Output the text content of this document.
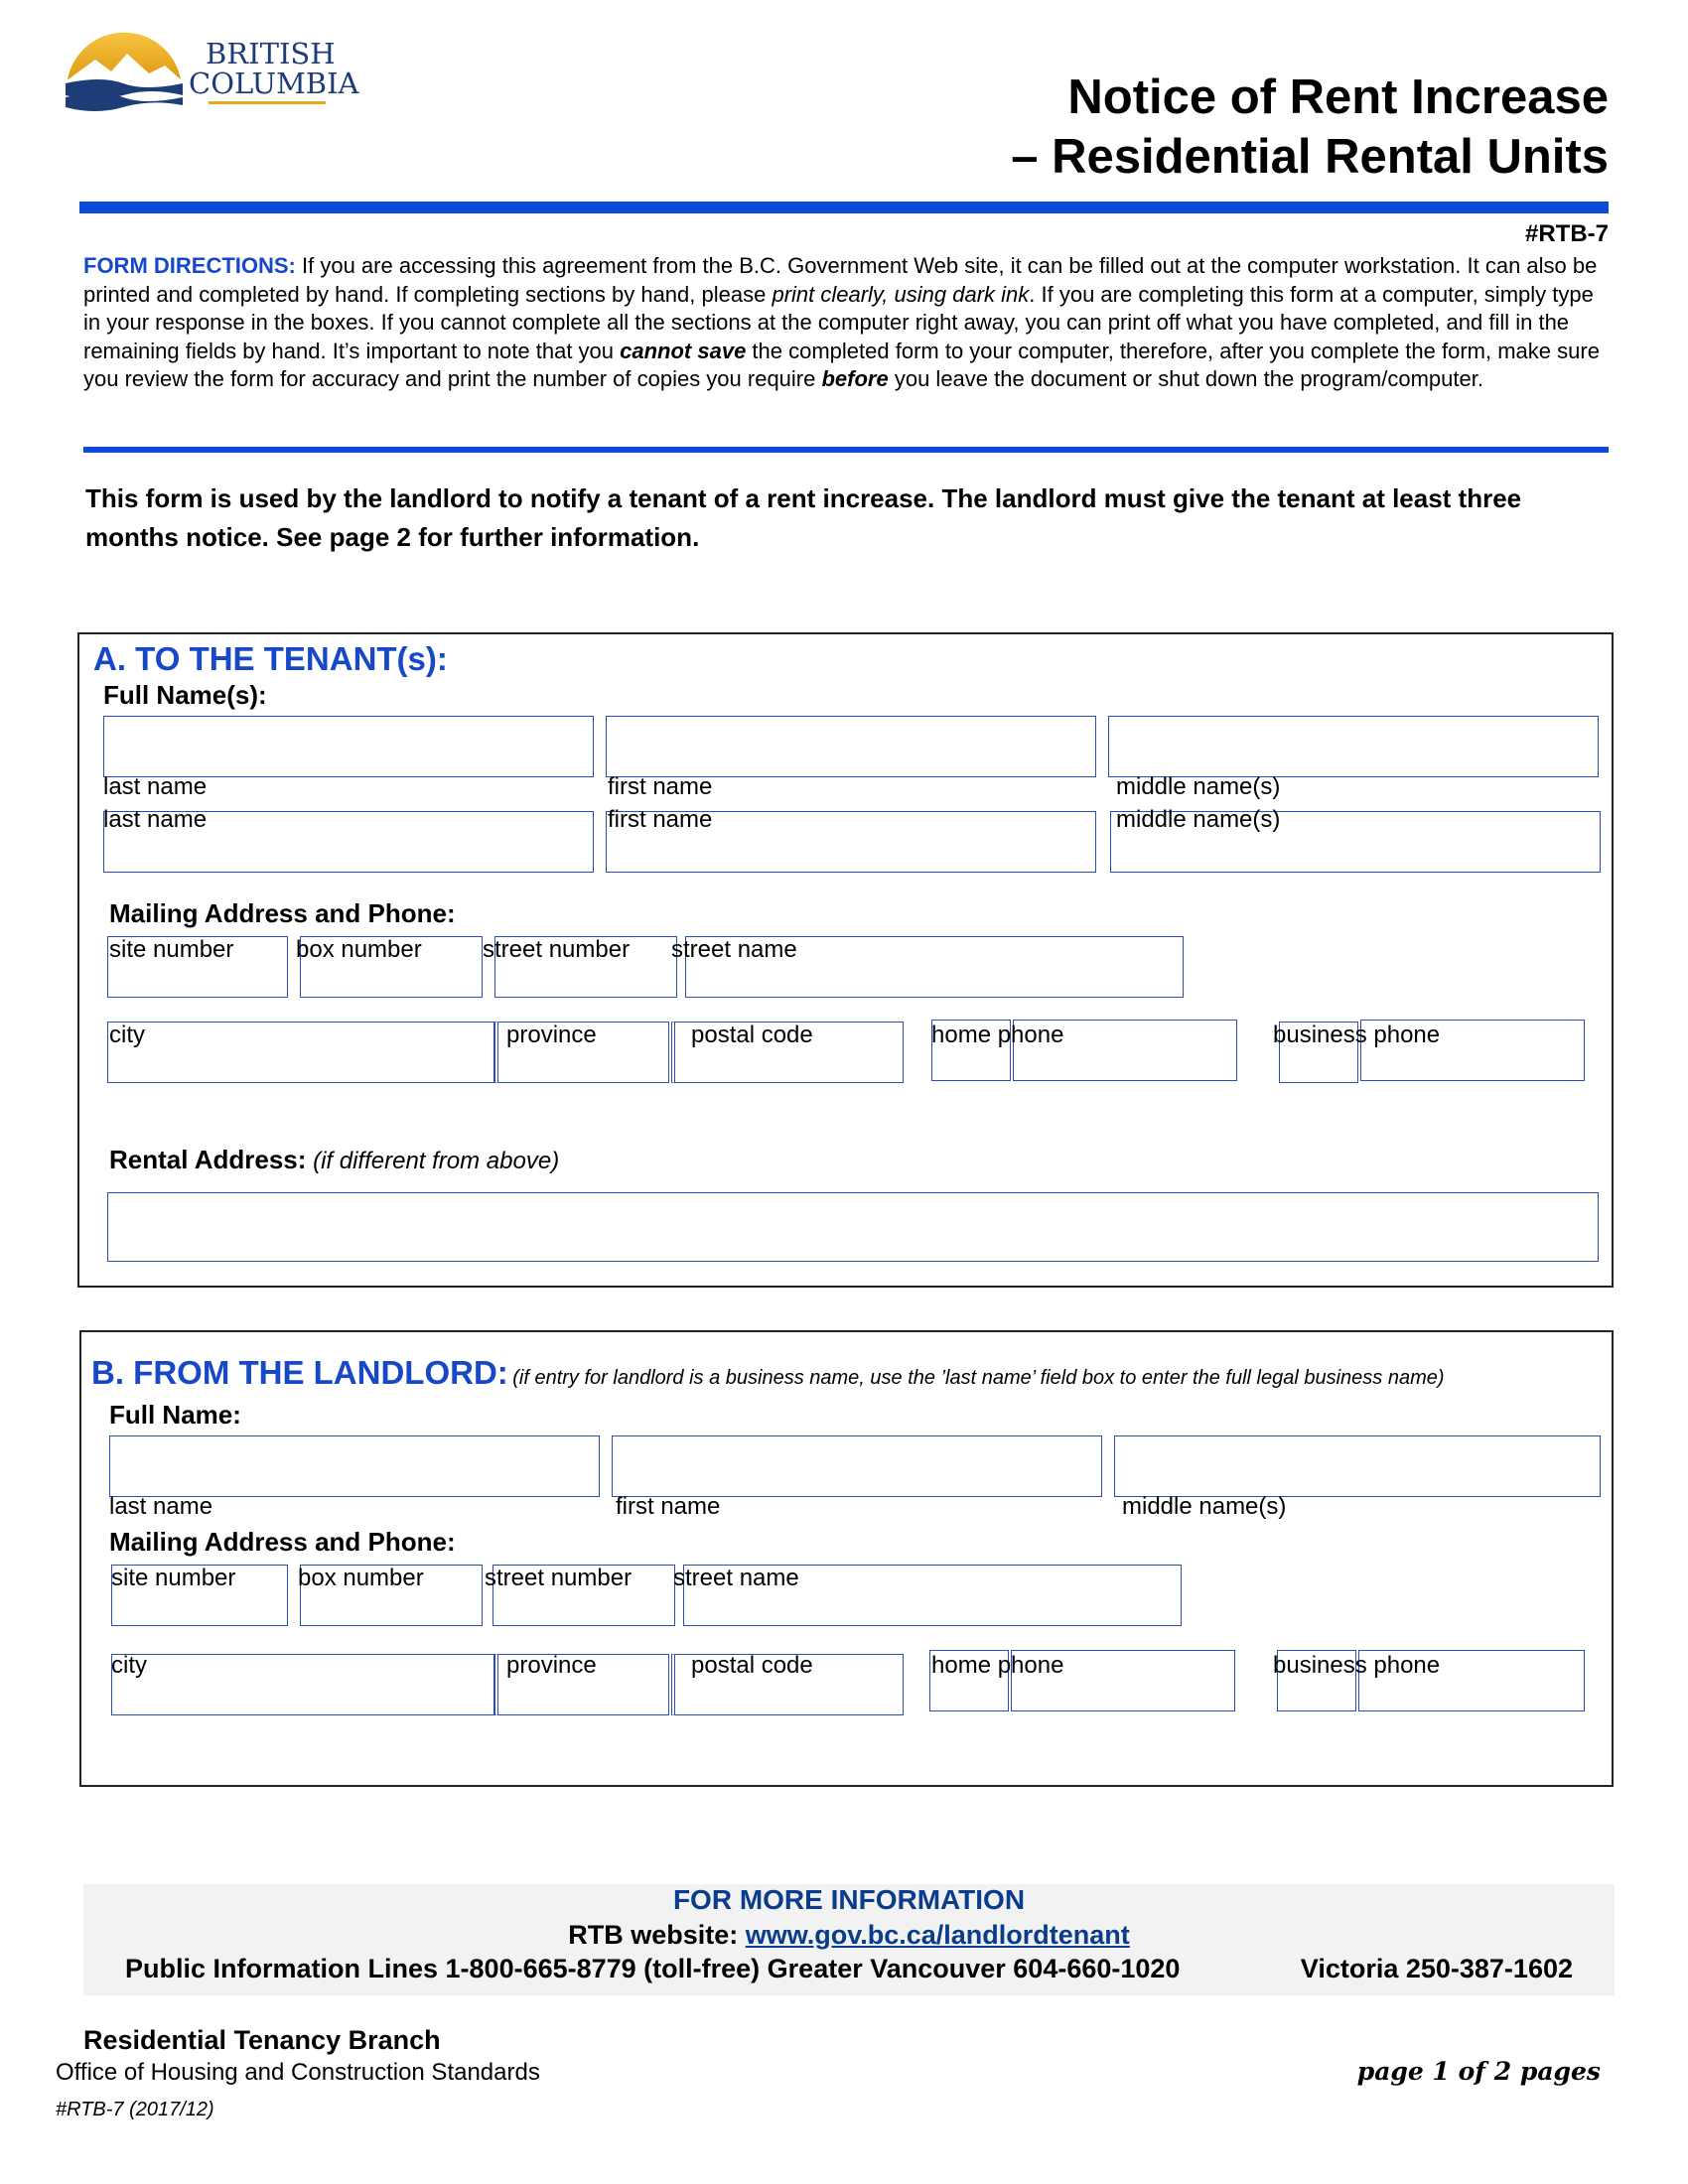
BRITISH
COLUMBIA	Notice of Rent Increase
– Residential Rental Units
#RTB-7
FORM DIRECTIONS: If you are accessing this agreement from the B.C. Government Web site, it can be filled out at the computer workstation. It can also be printed and completed by hand. If completing sections by hand, please print clearly, using dark ink. If you are completing this form at a computer, simply type in your response in the boxes. If you cannot complete all the sections at the computer right away, you can print off what you have completed, and fill in the remaining fields by hand. It’s important to note that you cannot save the completed form to your computer, therefore, after you complete the form, make sure you review the form for accuracy and print the number of copies you require before you leave the document or shut down the program/computer.
This form is used by the landlord to notify a tenant of a rent increase. The landlord must give the tenant at least three months notice. See page 2 for further information.
A. TO THE TENANT(s):
Full Name(s):
last name	first name	middle name(s)
last name	first name	middle name(s)
Mailing Address and Phone:
site number	box number	street number street name
city	province	postal code	home phone	business phone
Rental Address: (if different from above)
B. FROM THE LANDLORD: (if entry for landlord is a business name, use the ’last name’ field box to enter the full legal business name)
Full Name:
last name	first name	middle name(s)
Mailing Address and Phone:
site number	box number	street number street name
city	province	postal code	home phone	business phone
FOR MORE INFORMATION
RTB website: www.gov.bc.ca/landlordtenant
Public Information Lines 1-800-665-8779 (toll-free) Greater Vancouver 604-660-1020	Victoria 250-387-1602
Residential Tenancy Branch
Office of Housing and Construction Standards
#RTB-7 (2017/12)
page 1 of 2 pages
